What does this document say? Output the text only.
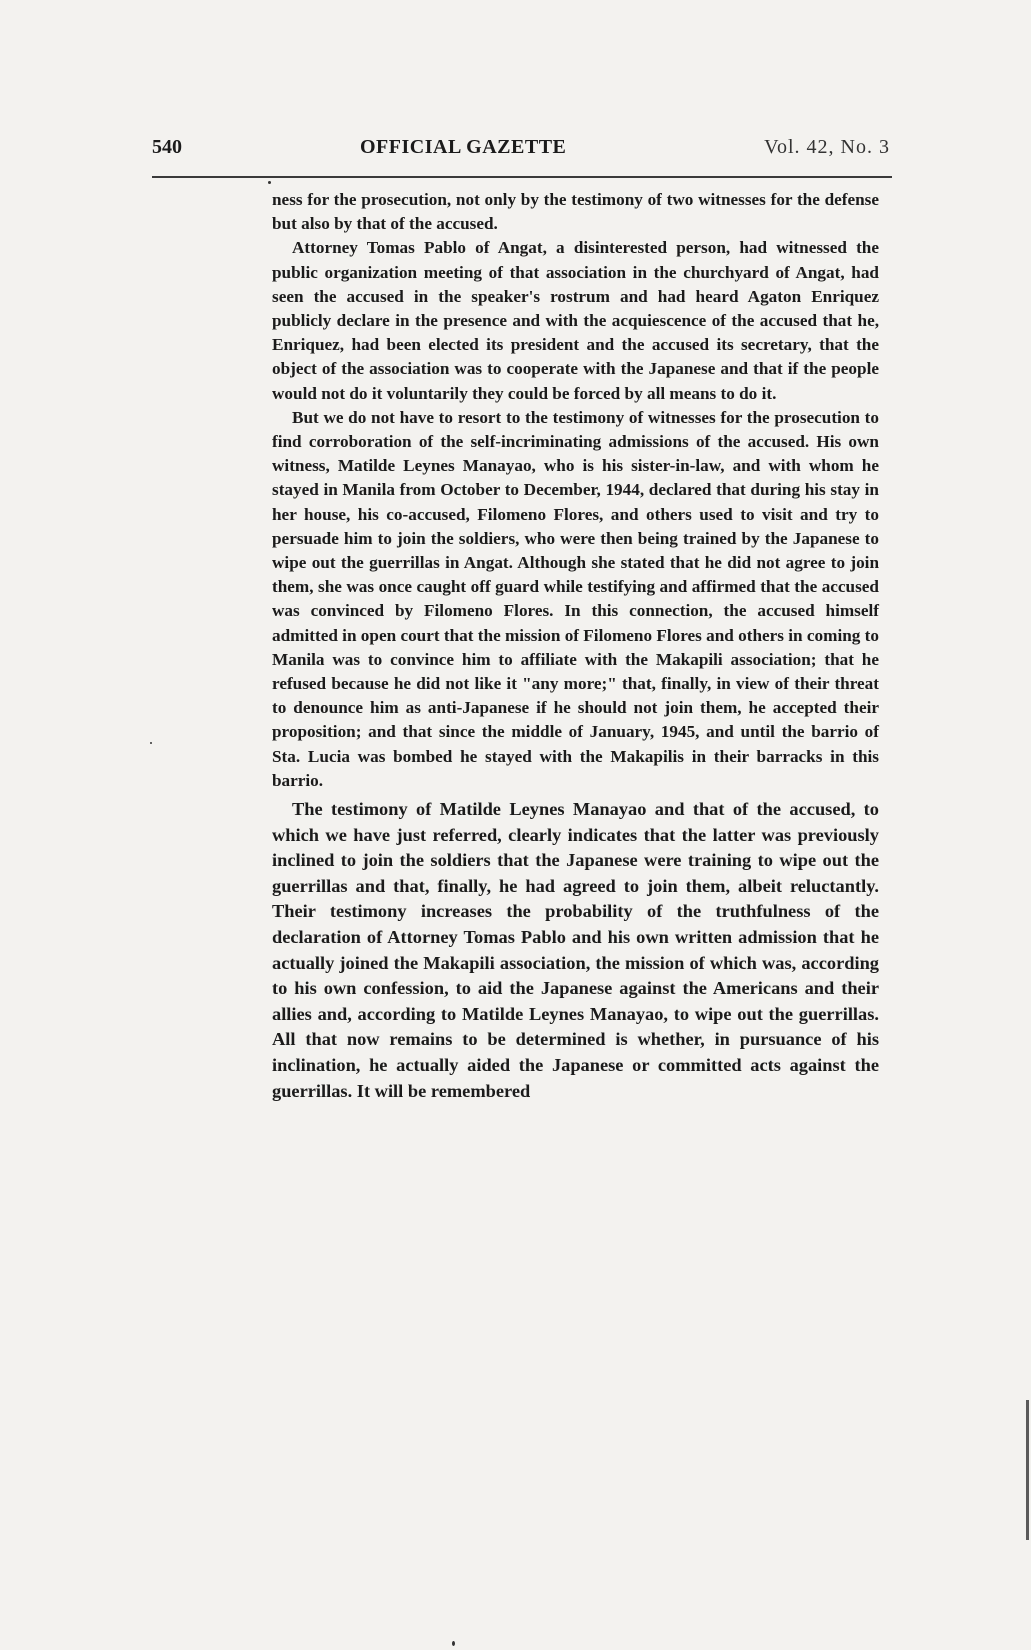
540	OFFICIAL GAZETTE	Vol. 42, No. 3

ness for the prosecution, not only by the testimony of two witnesses for the defense but also by that of the accused.

Attorney Tomas Pablo of Angat, a disinterested person, had witnessed the public organization meeting of that association in the churchyard of Angat, had seen the accused in the speaker's rostrum and had heard Agaton Enriquez publicly declare in the presence and with the acquiescence of the accused that he, Enriquez, had been elected its president and the accused its secretary, that the object of the association was to cooperate with the Japanese and that if the people would not do it voluntarily they could be forced by all means to do it.

But we do not have to resort to the testimony of witnesses for the prosecution to find corroboration of the self-incriminating admissions of the accused. His own witness, Matilde Leynes Manayao, who is his sister-in-law, and with whom he stayed in Manila from October to December, 1944, declared that during his stay in her house, his co-accused, Filomeno Flores, and others used to visit and try to persuade him to join the soldiers, who were then being trained by the Japanese to wipe out the guerrillas in Angat. Although she stated that he did not agree to join them, she was once caught off guard while testifying and affirmed that the accused was convinced by Filomeno Flores. In this connection, the accused himself admitted in open court that the mission of Filomeno Flores and others in coming to Manila was to convince him to affiliate with the Makapili association; that he refused because he did not like it "any more;" that, finally, in view of their threat to denounce him as anti-Japanese if he should not join them, he accepted their proposition; and that since the middle of January, 1945, and until the barrio of Sta. Lucia was bombed he stayed with the Makapilis in their barracks in this barrio.

The testimony of Matilde Leynes Manayao and that of the accused, to which we have just referred, clearly indicates that the latter was previously inclined to join the soldiers that the Japanese were training to wipe out the guerrillas and that, finally, he had agreed to join them, albeit reluctantly. Their testimony increases the probability of the truthfulness of the declaration of Attorney Tomas Pablo and his own written admission that he actually joined the Makapili association, the mission of which was, according to his own confession, to aid the Japanese against the Americans and their allies and, according to Matilde Leynes Manayao, to wipe out the guerrillas. All that now remains to be determined is whether, in pursuance of his inclination, he actually aided the Japanese or committed acts against the guerrillas. It will be remembered
